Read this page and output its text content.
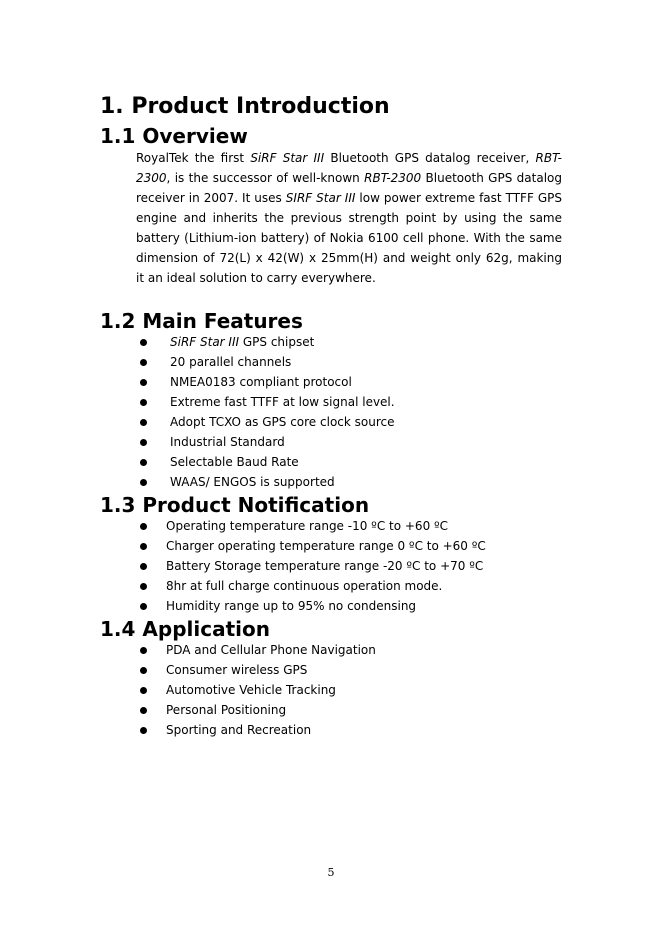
1. Product Introduction
1.1 Overview

RoyalTek the first SiRF Star III Bluetooth GPS datalog receiver, RBT-2300, is the successor of well-known RBT-2300 Bluetooth GPS datalog receiver in 2007. It uses SIRF Star III low power extreme fast TTFF GPS engine and inherits the previous strength point by using the same battery (Lithium-ion battery) of Nokia 6100 cell phone. With the same dimension of 72(L) x 42(W) x 25mm(H) and weight only 62g, making it an ideal solution to carry everywhere.

1.2 Main Features
SiRF Star III GPS chipset
20 parallel channels
NMEA0183 compliant protocol
Extreme fast TTFF at low signal level.
Adopt TCXO as GPS core clock source
Industrial Standard
Selectable Baud Rate
WAAS/ ENGOS is supported
1.3 Product Notification
Operating temperature range -10 ºC to +60 ºC
Charger operating temperature range 0 ºC to +60 ºC
Battery Storage temperature range -20 ºC to +70 ºC
8hr at full charge continuous operation mode.
Humidity range up to 95% no condensing
1.4 Application
PDA and Cellular Phone Navigation
Consumer wireless GPS
Automotive Vehicle Tracking
Personal Positioning
Sporting and Recreation
5
